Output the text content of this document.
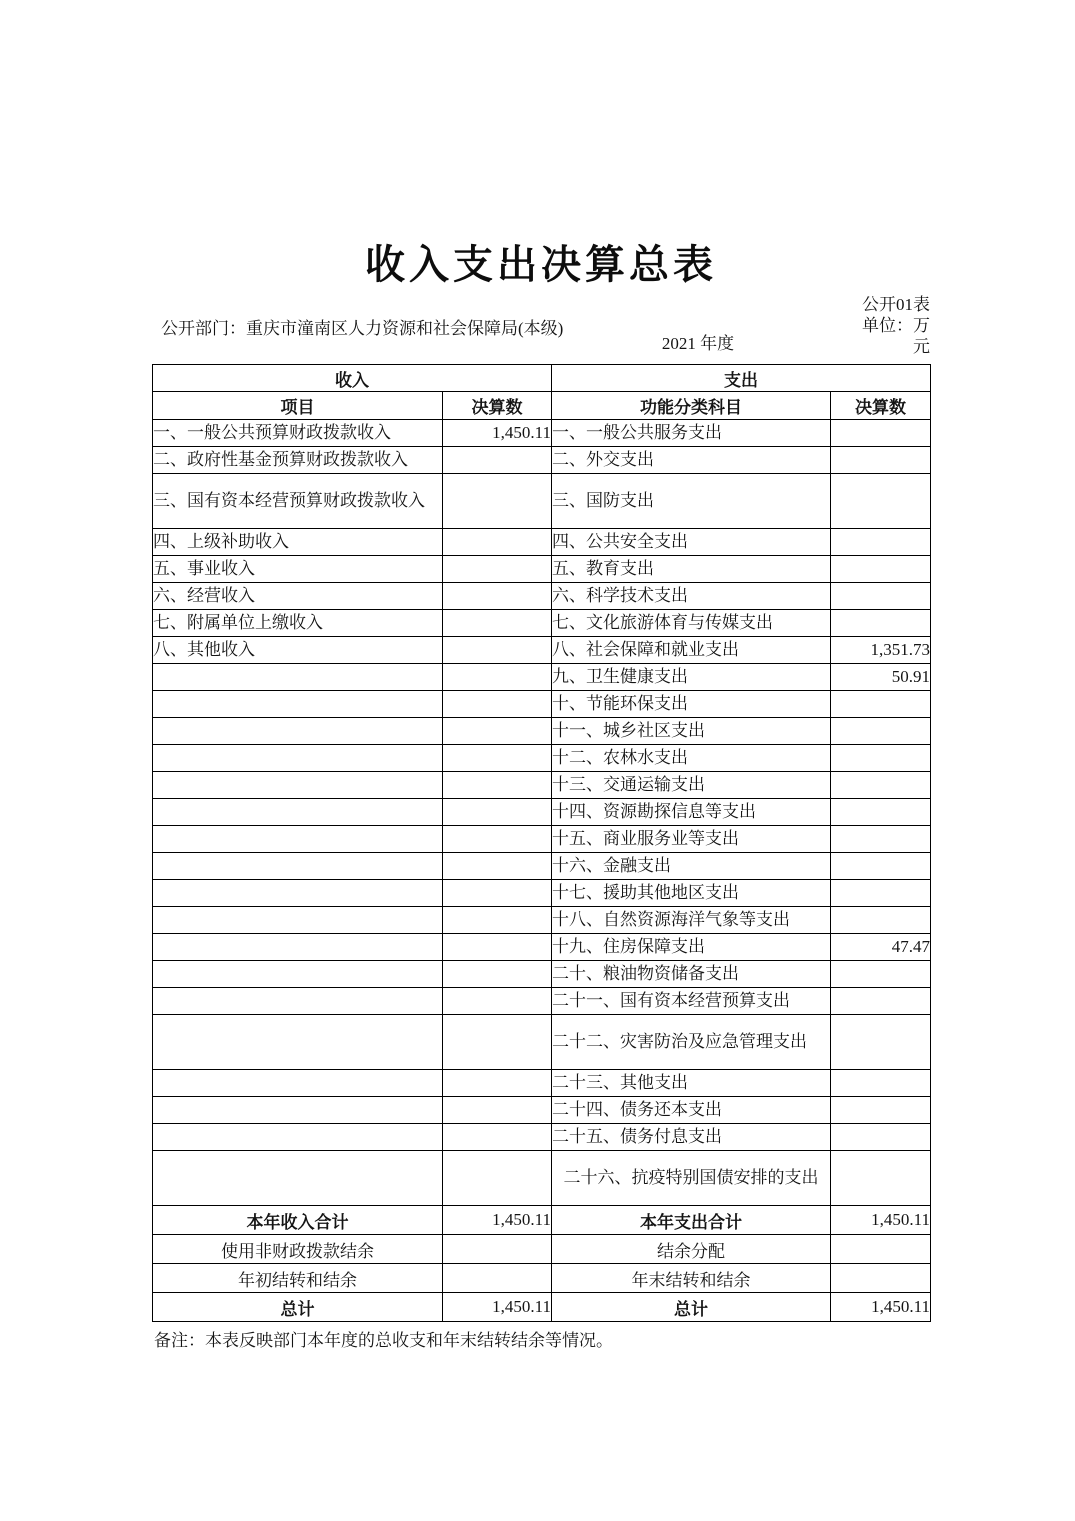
收入支出决算总表
公开部门：重庆市潼南区人力资源和社会保障局(本级)
2021 年度
公开01表
单位：万元
收入		支出	
项目	决算数	功能分类科目	决算数
一、一般公共预算财政拨款收入	1,450.11	一、一般公共服务支出	
二、政府性基金预算财政拨款收入		二、外交支出	
三、国有资本经营预算财政拨款收入		三、国防支出	
四、上级补助收入		四、公共安全支出	
五、事业收入		五、教育支出	
六、经营收入		六、科学技术支出	
七、附属单位上缴收入		七、文化旅游体育与传媒支出	
八、其他收入		八、社会保障和就业支出	1,351.73
		九、卫生健康支出	50.91
		十、节能环保支出	
		十一、城乡社区支出	
		十二、农林水支出	
		十三、交通运输支出	
		十四、资源勘探信息等支出	
		十五、商业服务业等支出	
		十六、金融支出	
		十七、援助其他地区支出	
		十八、自然资源海洋气象等支出	
		十九、住房保障支出	47.47
		二十、粮油物资储备支出	
		二十一、国有资本经营预算支出	
		二十二、灾害防治及应急管理支出	
		二十三、其他支出	
		二十四、债务还本支出	
		二十五、债务付息支出	
		二十六、抗疫特别国债安排的支出	
本年收入合计	1,450.11	本年支出合计	1,450.11
使用非财政拨款结余		结余分配	
年初结转和结余		年末结转和结余	
总计	1,450.11	总计	1,450.11
备注：本表反映部门本年度的总收支和年末结转结余等情况。
